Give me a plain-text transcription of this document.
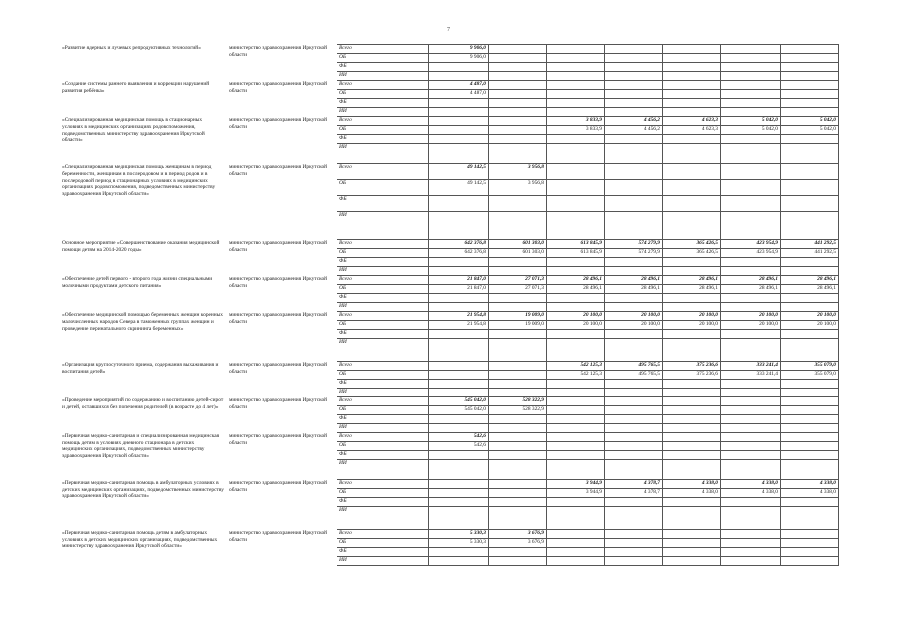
7
«Развитие ядерных и лучевых репродуктивных технологий»	министерство здравоохранения Иркутской области	Всего	9 906,0						
		ОБ	9 906,0						
		ФБ							
		ИИ							
«Создание системы раннего выявления и коррекции нарушений развития ребёнка»	министерство здравоохранения Иркутской области	Всего	4 487,0						
		ОБ	4 487,0						
		ФБ							
		ИИ							
«Специализированная медицинская помощь в стационарных условиях в медицинских организациях родовспоможения, подведомственных министерству здравоохранения Иркутской области»	министерство здравоохранения Иркутской области	Всего			3 833,9	4 456,2	4 623,3	5 042,0	5 042,0
		ОБ			3 833,9	4 456,2	4 623,3	5 042,0	5 042,0
		ФБ							
		ИИ							
«Специализированная медицинская помощь женщинам в период беременности, женщинам в послеродовом и в период родов и в послеродовой период в стационарных условиях в медицинских организациях родовспоможения, подведомственных министерству здравоохранения Иркутской области»	министерство здравоохранения Иркутской области	Всего	49 142,5	3 956,8					
		ОБ	49 142,5	3 956,8					
		ФБ							
		ИИ							
Основное мероприятие «Совершенствование оказания медицинской помощи детям на 2014-2020 годы»	министерство здравоохранения Иркутской области	Всего	642 376,8	601 303,0	613 845,9	574 279,9	365 426,5	423 954,9	441 292,5
		ОБ	642 376,8	601 303,0	613 845,9	574 279,9	365 426,5	423 954,9	441 292,5
		ФБ							
		ИИ							
«Обеспечение детей первого - второго года жизни специальными молочными продуктами детского питания»	министерство здравоохранения Иркутской области	Всего	21 847,0	27 071,3	28 496,1	28 496,1	28 496,1	28 496,1	28 496,1
		ОБ	21 847,0	27 071,3	28 496,1	28 496,1	28 496,1	28 496,1	28 496,1
		ФБ							
		ИИ							
«Обеспечение медицинской помощью беременных женщин коренных малочисленных народов Севера в таможенных группах женщин и проведение перинатального скрининга беременных»	министерство здравоохранения Иркутской области	Всего	21 954,8	19 009,0	20 100,0	20 100,0	20 100,0	20 100,0	20 100,0
		ОБ	21 954,8	19 009,0	20 100,0	20 100,0	20 100,0	20 100,0	20 100,0
		ФБ							
		ИИ							
«Организация круглосуточного приема, содержания выхаживания и воспитания детей»	министерство здравоохранения Иркутской области	Всего			542 125,3	495 765,5	375 236,6	333 241,4	355 079,0
		ОБ			542 125,3	495 765,5	375 236,6	333 241,4	355 079,0
		ФБ							
		ИИ							
«Проведение мероприятий по содержанию и воспитанию детей-сирот и детей, оставшихся без попечения родителей (в возрасте до 4 лет)»	министерство здравоохранения Иркутской области	Всего	545 042,0	528 322,9					
		ОБ	545 042,0	528 322,9					
		ФБ							
		ИИ							
«Первичная медико-санитарная и специализированная медицинская помощь детям в условиях дневного стационара в детских медицинских организациях, подведомственных министерству здравоохранения Иркутской области»	министерство здравоохранения Иркутской области	Всего	542,6						
		ОБ	542,6						
		ФБ							
		ИИ							
«Первичная медико-санитарная помощь в амбулаторных условиях в детских медицинских организациях, подведомственных министерству здравоохранения Иркутской области»	министерство здравоохранения Иркутской области	Всего			3 944,9	4 378,7	4 338,0	4 338,0	4 338,0
		ОБ			3 944,9	4 378,7	4 338,0	4 338,0	4 338,0
		ФБ							
		ИИ							
«Первичная медико-санитарная помощь детям в амбулаторных условиях в детских медицинских организациях, подведомственных министерству здравоохранения Иркутской области»	министерство здравоохранения Иркутской области	Всего	5 330,3	3 676,9					
		ОБ	5 330,3	3 676,9					
		ФБ							
		ИИ							
